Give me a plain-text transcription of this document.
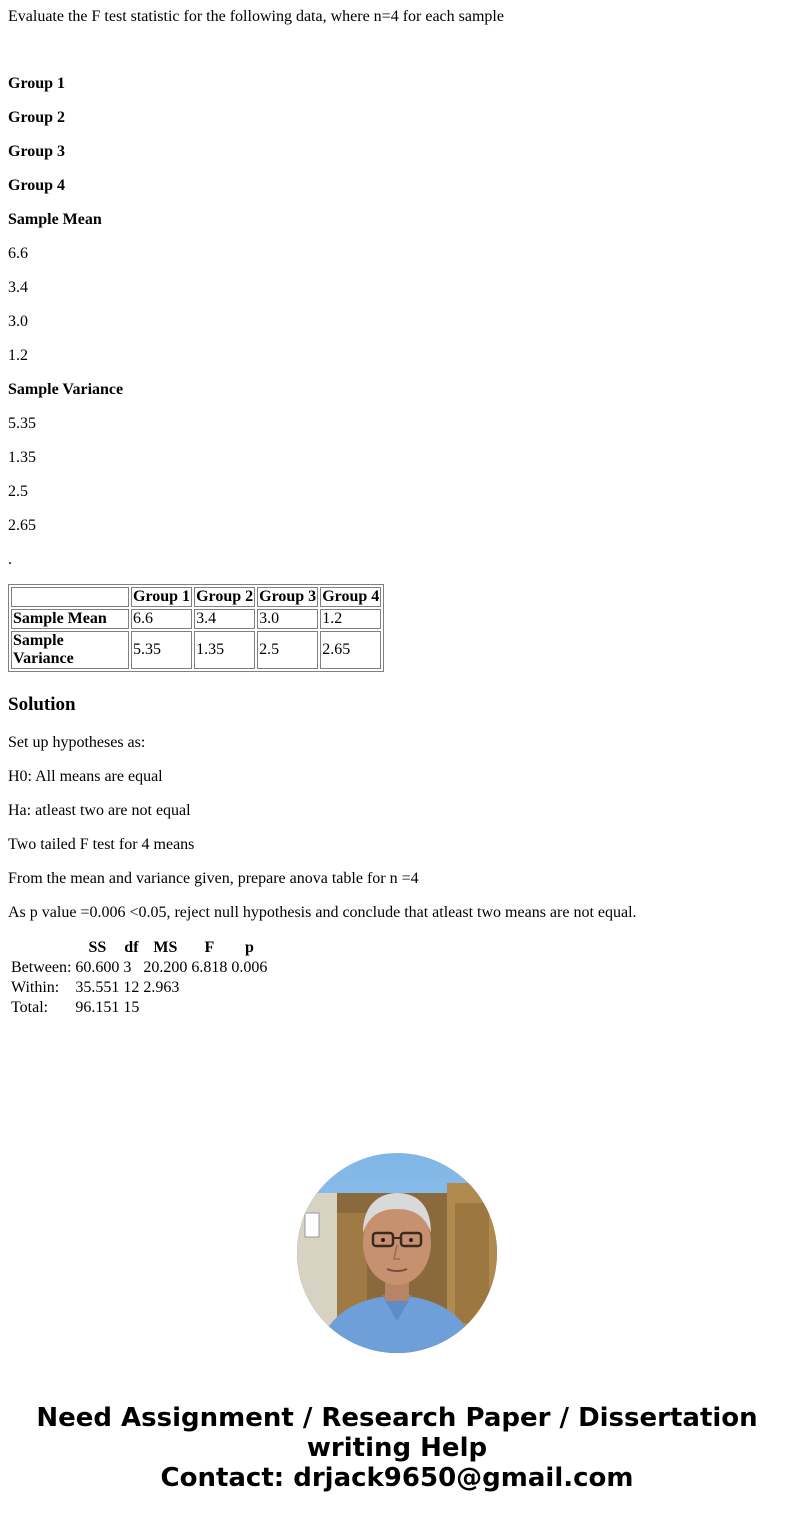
Evaluate the F test statistic for the following data, where n=4 for each sample

Group 1

Group 2

Group 3

Group 4

Sample Mean

6.6

3.4

3.0

1.2

Sample Variance

5.35

1.35

2.5

2.65

.

	Group 1	Group 2	Group 3	Group 4
Sample Mean	6.6	3.4	3.0	1.2
Sample Variance	5.35	1.35	2.5	2.65
Solution

Set up hypotheses as:

H0: All means are equal

Ha: atleast two are not equal

Two tailed F test for 4 means

From the mean and variance given, prepare anova table for n =4

As p value =0.006 <0.05, reject null hypothesis and conclude that atleast two means are not equal.

	SS	df	MS	F	p
Between:	60.600	3	20.200	6.818	0.006
Within:	35.551	12	2.963		
Total:	96.151	15			
Need Assignment / Research Paper / Dissertation
writing Help
Contact: drjack9650@gmail.com
